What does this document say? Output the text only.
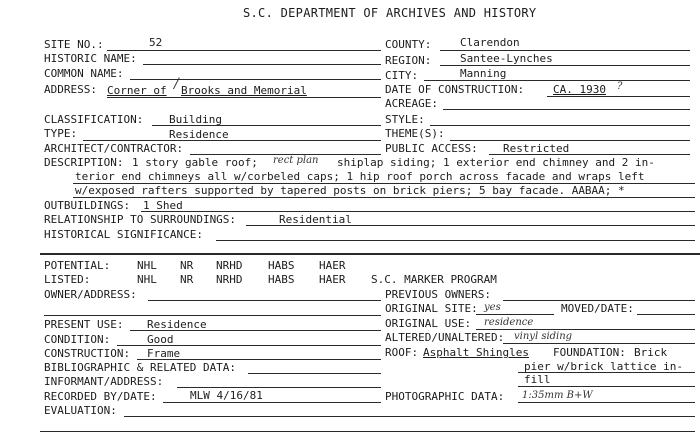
S.C. DEPARTMENT OF ARCHIVES AND HISTORY
SITE NO.:	52
HISTORIC NAME:
COMMON NAME:
ADDRESS: Corner of / Brooks and Memorial
COUNTY:	Clarendon
REGION:	Santee-Lynches
CITY:	Manning
DATE OF CONSTRUCTION:	CA. 1930 ?
ACREAGE:
CLASSIFICATION: Building
TYPE:	Residence
ARCHITECT/CONTRACTOR:
STYLE:
THEME(S):
PUBLIC ACCESS: Restricted
DESCRIPTION: 1 story gable roof; rect plan shiplap siding; 1 exterior end chimney and 2 in-
terior end chimneys all w/corbeled caps; 1 hip roof porch across facade and wraps left
w/exposed rafters supported by tapered posts on brick piers; 5 bay facade. AABAA; *
OUTBUILDINGS: 1 Shed
RELATIONSHIP TO SURROUNDINGS:	Residential
HISTORICAL SIGNIFICANCE:
POTENTIAL: NHL NR NRHD HABS HAER
LISTED:	NHL NR NRHD HABS HAER S.C. MARKER PROGRAM
OWNER/ADDRESS:
PRESENT USE: Residence
CONDITION:	Good
CONSTRUCTION: Frame
BIBLIOGRAPHIC & RELATED DATA:
INFORMANT/ADDRESS:
RECORDED BY/DATE:	MLW 4/16/81
EVALUATION:
PREVIOUS OWNERS:
ORIGINAL SITE: yes	MOVED/DATE:
ORIGINAL USE: residence
ALTERED/UNALTERED: vinyl siding
ROOF: Asphalt Shingles FOUNDATION: Brick
pier w/brick lattice in-
fill
PHOTOGRAPHIC DATA: 1:35mm B+W
